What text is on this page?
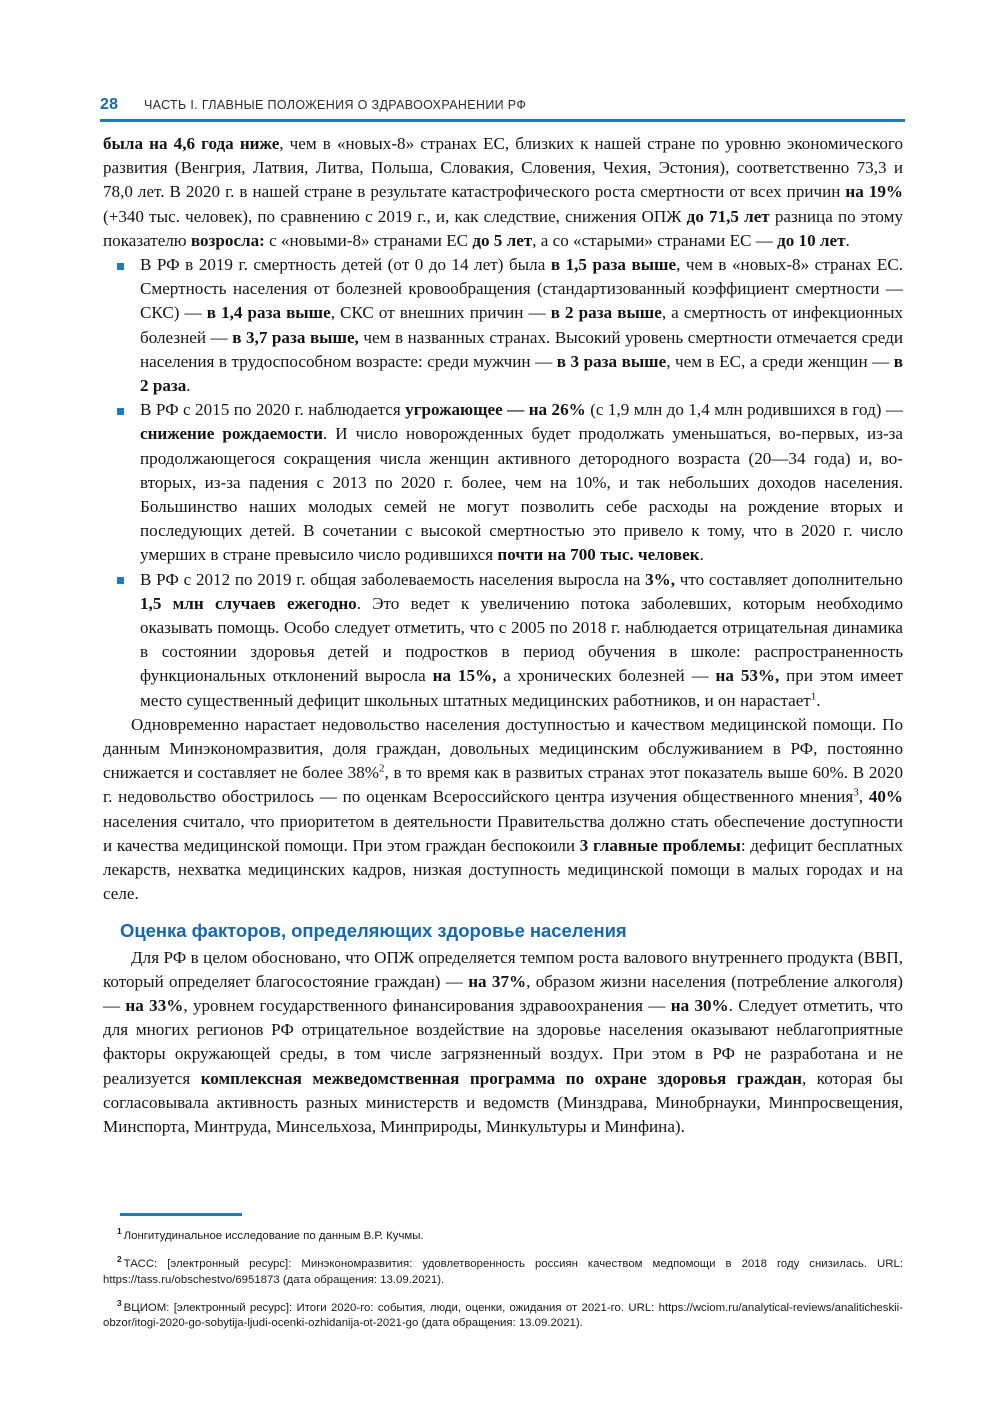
28 ЧАСТЬ I. ГЛАВНЫЕ ПОЛОЖЕНИЯ О ЗДРАВООХРАНЕНИИ РФ

была на 4,6 года ниже, чем в «новых-8» странах ЕС, близких к нашей стране по уровню экономического развития (Венгрия, Латвия, Литва, Польша, Словакия, Словения, Чехия, Эстония), соответственно 73,3 и 78,0 лет. В 2020 г. в нашей стране в результате катастрофического роста смертности от всех причин на 19% (+340 тыс. человек), по сравнению с 2019 г., и, как следствие, снижения ОПЖ до 71,5 лет разница по этому показателю возросла: с «новыми-8» странами ЕС до 5 лет, а со «старыми» странами ЕС — до 10 лет.

В РФ в 2019 г. смертность детей (от 0 до 14 лет) была в 1,5 раза выше, чем в «новых-8» странах ЕС. Смертность населения от болезней кровообращения (стандартизованный коэффициент смертности — СКС) — в 1,4 раза выше, СКС от внешних причин — в 2 раза выше, а смертность от инфекционных болезней — в 3,7 раза выше, чем в названных странах. Высокий уровень смертности отмечается среди населения в трудоспособном возрасте: среди мужчин — в 3 раза выше, чем в ЕС, а среди женщин — в 2 раза.
В РФ с 2015 по 2020 г. наблюдается угрожающее — на 26% (с 1,9 млн до 1,4 млн родившихся в год) — снижение рождаемости. И число новорожденных будет продолжать уменьшаться, во-первых, из-за продолжающегося сокращения числа женщин активного детородного возраста (20—34 года) и, во-вторых, из-за падения с 2013 по 2020 г. более, чем на 10%, и так небольших доходов населения. Большинство наших молодых семей не могут позволить себе расходы на рождение вторых и последующих детей. В сочетании с высокой смертностью это привело к тому, что в 2020 г. число умерших в стране превысило число родившихся почти на 700 тыс. человек.
В РФ с 2012 по 2019 г. общая заболеваемость населения выросла на 3%, что составляет дополнительно 1,5 млн случаев ежегодно. Это ведет к увеличению потока заболевших, которым необходимо оказывать помощь. Особо следует отметить, что с 2005 по 2018 г. наблюдается отрицательная динамика в состоянии здоровья детей и подростков в период обучения в школе: распространенность функциональных отклонений выросла на 15%, а хронических болезней — на 53%, при этом имеет место существенный дефицит школьных штатных медицинских работников, и он нарастает$^1$.

Одновременно нарастает недовольство населения доступностью и качеством медицинской помощи. По данным Минэкономразвития, доля граждан, довольных медицинским обслуживанием в РФ, постоянно снижается и составляет не более 38%$^2$, в то время как в развитых странах этот показатель выше 60%. В 2020 г. недовольство обострилось — по оценкам Всероссийского центра изучения общественного мнения$^3$, 40% населения считало, что приоритетом в деятельности Правительства должно стать обеспечение доступности и качества медицинской помощи. При этом граждан беспокоили 3 главные проблемы: дефицит бесплатных лекарств, нехватка медицинских кадров, низкая доступность медицинской помощи в малых городах и на селе.

Оценка факторов, определяющих здоровье населения

Для РФ в целом обосновано, что ОПЖ определяется темпом роста валового внутреннего продукта (ВВП, который определяет благосостояние граждан) — на 37%, образом жизни населения (потребление алкоголя) — на 33%, уровнем государственного финансирования здравоохранения — на 30%. Следует отметить, что для многих регионов РФ отрицательное воздействие на здоровье населения оказывают неблагоприятные факторы окружающей среды, в том числе загрязненный воздух. При этом в РФ не разработана и не реализуется комплексная межведомственная программа по охране здоровья граждан, которая бы согласовывала активность разных министерств и ведомств (Минздрава, Минобрнауки, Минпросвещения, Минспорта, Минтруда, Минсельхоза, Минприроды, Минкультуры и Минфина).

$^1$ Лонгитудинальное исследование по данным В.Р. Кучмы.

$^2$ ТАСС: [электронный ресурс]: Минэкономразвития: удовлетворенность россиян качеством медпомощи в 2018 году снизилась. URL: https://tass.ru/obschestvo/6951873 (дата обращения: 13.09.2021).

$^3$ ВЦИОМ: [электронный ресурс]: Итоги 2020-го: события, люди, оценки, ожидания от 2021-го. URL: https://wciom.ru/analytical-reviews/analiticheskii-obzor/itogi-2020-go-sobytija-ljudi-ocenki-ozhidanija-ot-2021-go (дата обращения: 13.09.2021).
